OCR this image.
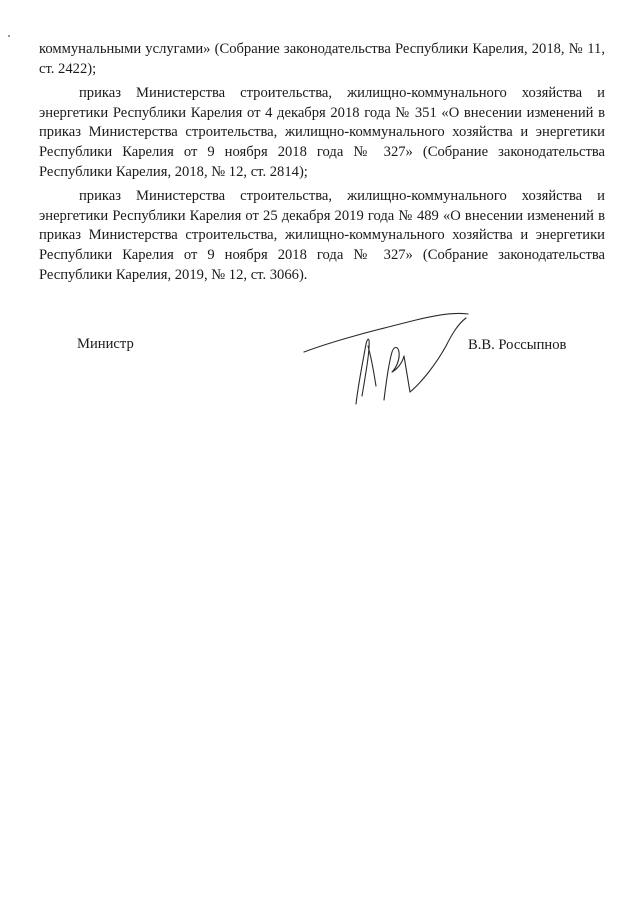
коммунальными услугами» (Собрание законодательства Республики Карелия, 2018, № 11, ст. 2422);

приказ Министерства строительства, жилищно-коммунального хозяйства и энергетики Республики Карелия от 4 декабря 2018 года № 351 «О внесении изменений в приказ Министерства строительства, жилищно-коммунального хозяйства и энергетики Республики Карелия от 9 ноября 2018 года № 327» (Собрание законодательства Республики Карелия, 2018, № 12, ст. 2814);

приказ Министерства строительства, жилищно-коммунального хозяйства и энергетики Республики Карелия от 25 декабря 2019 года № 489 «О внесении изменений в приказ Министерства строительства, жилищно-коммунального хозяйства и энергетики Республики Карелия от 9 ноября 2018 года № 327» (Собрание законодательства Республики Карелия, 2019, № 12, ст. 3066).

Министр	В.В. Россыпнов
